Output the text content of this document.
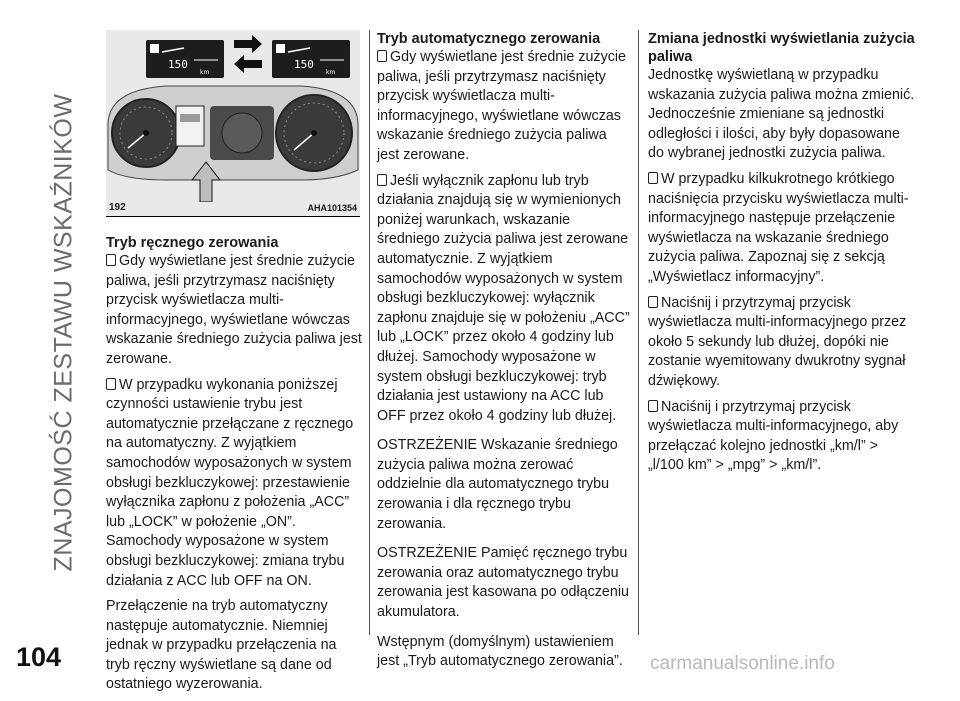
ZNAJOMOŚĆ ZESTAWU WSKAŹNIKÓW
150
km
150
km
192	AHA101354
Tryb ręcznego zerowania

Gdy wyświetlane jest średnie zużycie paliwa, jeśli przytrzymasz naciśnięty przycisk wyświetlacza multi-informacyjnego, wyświetlane wówczas wskazanie średniego zużycia paliwa jest zerowane.

W przypadku wykonania poniższej czynności ustawienie trybu jest automatycznie przełączane z ręcznego na automatyczny. Z wyjątkiem samochodów wyposażonych w system obsługi bezkluczykowej: przestawienie wyłącznika zapłonu z położenia „ACC” lub „LOCK” w położenie „ON”. Samochody wyposażone w system obsługi bezkluczykowej: zmiana trybu działania z ACC lub OFF na ON.

Przełączenie na tryb automatyczny następuje automatycznie. Niemniej jednak w przypadku przełączenia na tryb ręczny wyświetlane są dane od ostatniego wyzerowania.

Tryb automatycznego zerowania

Gdy wyświetlane jest średnie zużycie paliwa, jeśli przytrzymasz naciśnięty przycisk wyświetlacza multi-informacyjnego, wyświetlane wówczas wskazanie średniego zużycia paliwa jest zerowane.

Jeśli wyłącznik zapłonu lub tryb działania znajdują się w wymienionych poniżej warunkach, wskazanie średniego zużycia paliwa jest zerowane automatycznie. Z wyjątkiem samochodów wyposażonych w system obsługi bezkluczykowej: wyłącznik zapłonu znajduje się w położeniu „ACC” lub „LOCK” przez około 4 godziny lub dłużej. Samochody wyposażone w system obsługi bezkluczykowej: tryb działania jest ustawiony na ACC lub OFF przez około 4 godziny lub dłużej.

OSTRZEŻENIE Wskazanie średniego zużycia paliwa można zerować oddzielnie dla automatycznego trybu zerowania i dla ręcznego trybu zerowania.

OSTRZEŻENIE Pamięć ręcznego trybu zerowania oraz automatycznego trybu zerowania jest kasowana po odłączeniu akumulatora.

Wstępnym (domyślnym) ustawieniem jest „Tryb automatycznego zerowania”.

Zmiana jednostki wyświetlania zużycia paliwa

Jednostkę wyświetlaną w przypadku wskazania zużycia paliwa można zmienić. Jednocześnie zmieniane są jednostki odległości i ilości, aby były dopasowane do wybranej jednostki zużycia paliwa.

W przypadku kilkukrotnego krótkiego naciśnięcia przycisku wyświetlacza multi-informacyjnego następuje przełączenie wyświetlacza na wskazanie średniego zużycia paliwa. Zapoznaj się z sekcją „Wyświetlacz informacyjny”.

Naciśnij i przytrzymaj przycisk wyświetlacza multi-informacyjnego przez około 5 sekundy lub dłużej, dopóki nie zostanie wyemitowany dwukrotny sygnał dźwiękowy.

Naciśnij i przytrzymaj przycisk wyświetlacza multi-informacyjnego, aby przełączać kolejno jednostki „km/l” > „l/100 km” > „mpg” > „km/l”.

104	carmanualsonline.info
